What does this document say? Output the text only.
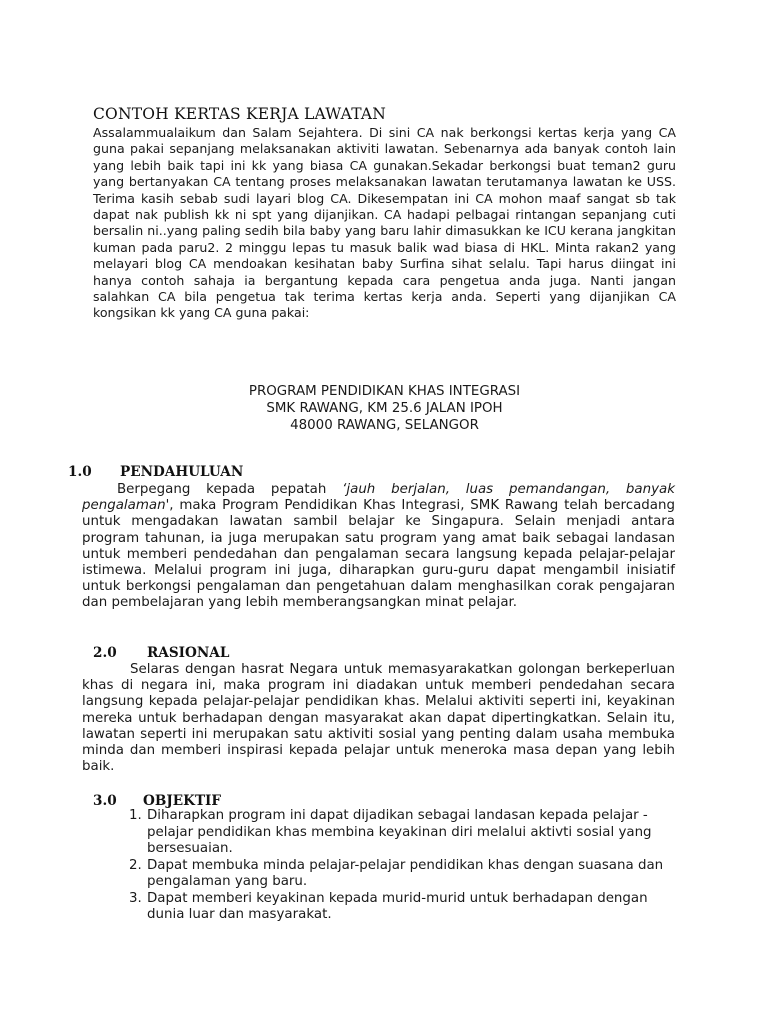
CONTOH KERTAS KERJA LAWATAN

Assalammualaikum dan Salam Sejahtera. Di sini CA nak berkongsi kertas kerja yang CA guna pakai sepanjang melaksanakan aktiviti lawatan. Sebenarnya ada banyak contoh lain yang lebih baik tapi ini kk yang biasa CA gunakan.Sekadar berkongsi buat teman2 guru yang bertanyakan CA tentang proses melaksanakan lawatan terutamanya lawatan ke USS. Terima kasih sebab sudi layari blog CA. Dikesempatan ini CA mohon maaf sangat sb tak dapat nak publish kk ni spt yang dijanjikan. CA hadapi pelbagai rintangan sepanjang cuti bersalin ni..yang paling sedih bila baby yang baru lahir dimasukkan ke ICU kerana jangkitan kuman pada paru2. 2 minggu lepas tu masuk balik wad biasa di HKL. Minta rakan2 yang melayari blog CA mendoakan kesihatan baby Surfina sihat selalu. Tapi harus diingat ini hanya contoh sahaja ia bergantung kepada cara pengetua anda juga. Nanti jangan salahkan CA bila pengetua tak terima kertas kerja anda. Seperti yang dijanjikan CA kongsikan kk yang CA guna pakai:

PROGRAM PENDIDIKAN KHAS INTEGRASI
SMK RAWANG, KM 25.6 JALAN IPOH
48000 RAWANG, SELANGOR
1.0 PENDAHULUAN

Berpegang kepada pepatah ‘jauh berjalan, luas pemandangan, banyak pengalaman', maka Program Pendidikan Khas Integrasi, SMK Rawang telah bercadang untuk mengadakan lawatan sambil belajar ke Singapura. Selain menjadi antara program tahunan, ia juga merupakan satu program yang amat baik sebagai landasan untuk memberi pendedahan dan pengalaman secara langsung kepada pelajar-pelajar istimewa. Melalui program ini juga, diharapkan guru-guru dapat mengambil inisiatif untuk berkongsi pengalaman dan pengetahuan dalam menghasilkan corak pengajaran dan pembelajaran yang lebih memberangsangkan minat pelajar.

2.0 RASIONAL

Selaras dengan hasrat Negara untuk memasyarakatkan golongan berkeperluan khas di negara ini, maka program ini diadakan untuk memberi pendedahan secara langsung kepada pelajar-pelajar pendidikan khas. Melalui aktiviti seperti ini, keyakinan mereka untuk berhadapan dengan masyarakat akan dapat dipertingkatkan. Selain itu, lawatan seperti ini merupakan satu aktiviti sosial yang penting dalam usaha membuka minda dan memberi inspirasi kepada pelajar untuk meneroka masa depan yang lebih baik.

3.0 OBJEKTIF
1. Diharapkan program ini dapat dijadikan sebagai landasan kepada pelajar - pelajar pendidikan khas membina keyakinan diri melalui aktivti sosial yang bersesuaian.
2. Dapat membuka minda pelajar-pelajar pendidikan khas dengan suasana dan pengalaman yang baru.
3. Dapat memberi keyakinan kepada murid-murid untuk berhadapan dengan dunia luar dan masyarakat.
